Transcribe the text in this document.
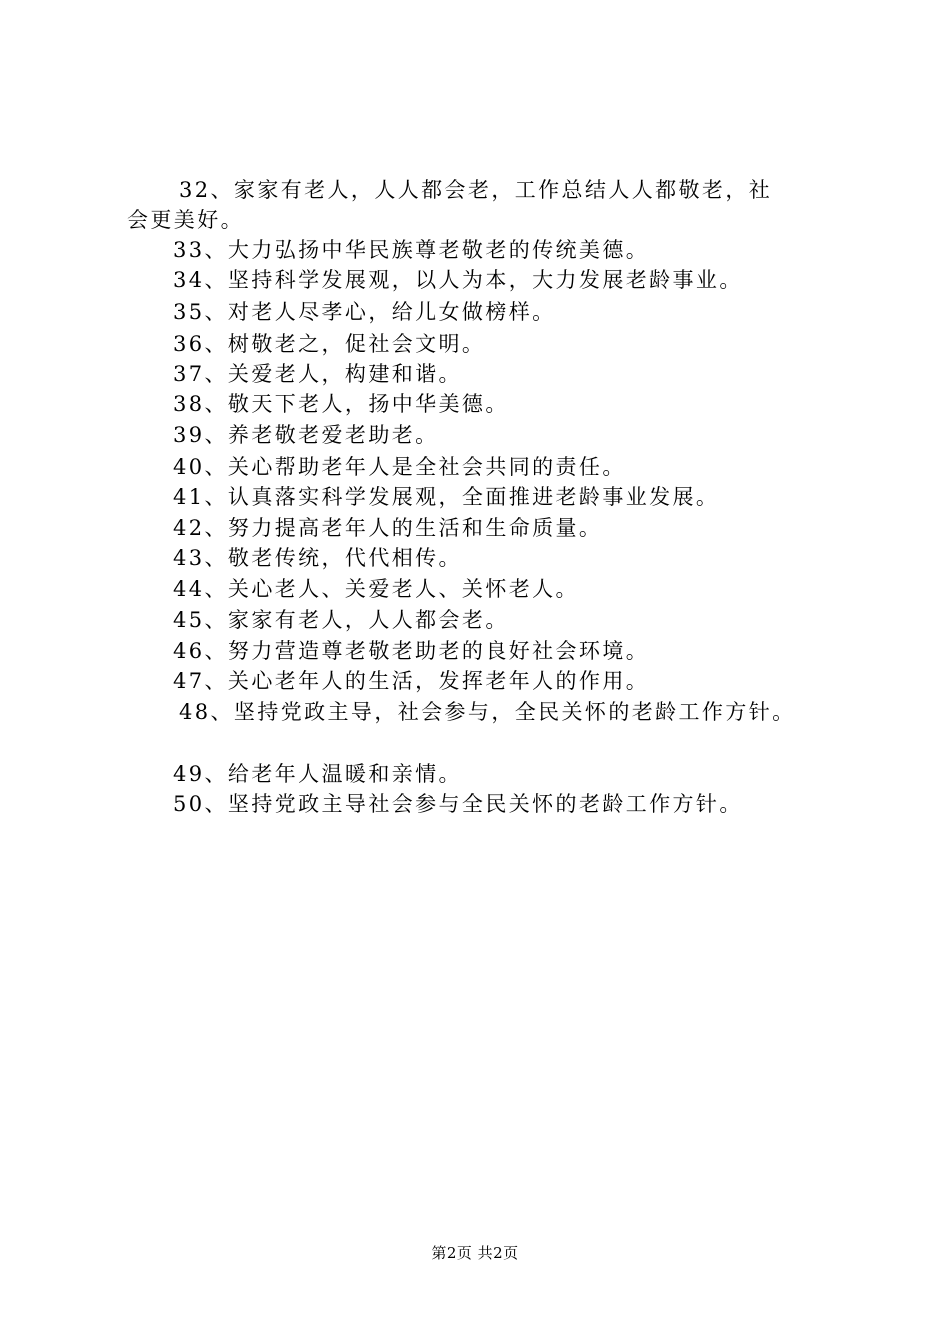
32、家家有老人，人人都会老，工作总结人人都敬老，社
会更美好。
33、大力弘扬中华民族尊老敬老的传统美德。
34、坚持科学发展观，以人为本，大力发展老龄事业。
35、对老人尽孝心，给儿女做榜样。
36、树敬老之，促社会文明。
37、关爱老人，构建和谐。
38、敬天下老人，扬中华美德。
39、养老敬老爱老助老。
40、关心帮助老年人是全社会共同的责任。
41、认真落实科学发展观，全面推进老龄事业发展。
42、努力提高老年人的生活和生命质量。
43、敬老传统，代代相传。
44、关心老人、关爱老人、关怀老人。
45、家家有老人，人人都会老。
46、努力营造尊老敬老助老的良好社会环境。
47、关心老年人的生活，发挥老年人的作用。
48、坚持党政主导，社会参与，全民关怀的老龄工作方针。
49、给老年人温暖和亲情。
50、坚持党政主导社会参与全民关怀的老龄工作方针。
第2页 共2页
